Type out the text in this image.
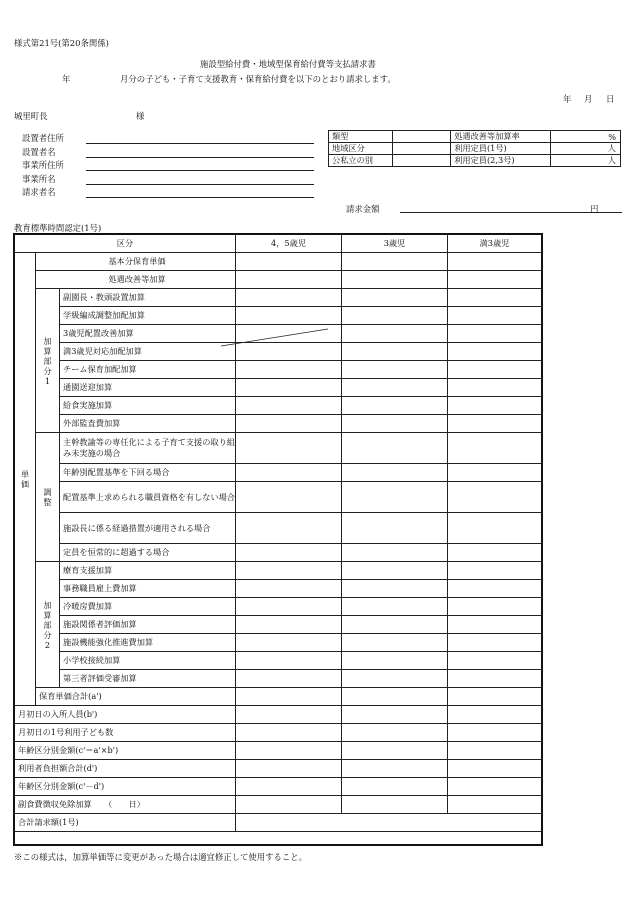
様式第21号(第20条関係)
施設型給付費・地域型保育給付費等支払請求書
年	月分の子ども・子育て支援教育・保育給付費を以下のとおり請求します。
年 月 日
城里町長	様
設置者住所
設置者名
事業所住所
事業所名
請求者名
類型		処遇改善等加算率	%
地域区分		利用定員(1号)	人
公私立の別		利用定員(2,3号)	人
請求金額	円
教育標準時間認定(1号)
区分			4，5歳児	3歳児	満3歳児
単価	基本分保育単価				
	処遇改善等加算				
	加算部分1	副園長・教頭設置加算			
		学級編成調整加配加算			
		3歳児配置改善加算			
		満3歳児対応加配加算			
		チーム保育加配加算			
		通園送迎加算			
		給食実施加算			
		外部監査費加算			
	調整	主幹教諭等の専任化による子育て支援の取り組み未実施の場合			
		年齢別配置基準を下回る場合			
		配置基準上求められる職員資格を有しない場合			
		施設長に係る経過措置が適用される場合			
		定員を恒常的に超過する場合			
	加算部分2	療育支援加算			
		事務職員雇上費加算			
		冷暖房費加算			
		施設関係者評価加算			
		施設機能強化推進費加算			
		小学校接続加算			
		第三者評価受審加算			
	保育単価合計(a')				
月初日の入所人員(b')					
月初日の1号利用子ども数					
年齢区分別金額(c'＝a'×b')					
利用者負担額合計(d')					
年齢区分別金額(c'－d')					
副食費徴収免除加算　　（　　日）					
合計請求額(1号)					
※この様式は，加算単価等に変更があった場合は適宜修正して使用すること。
